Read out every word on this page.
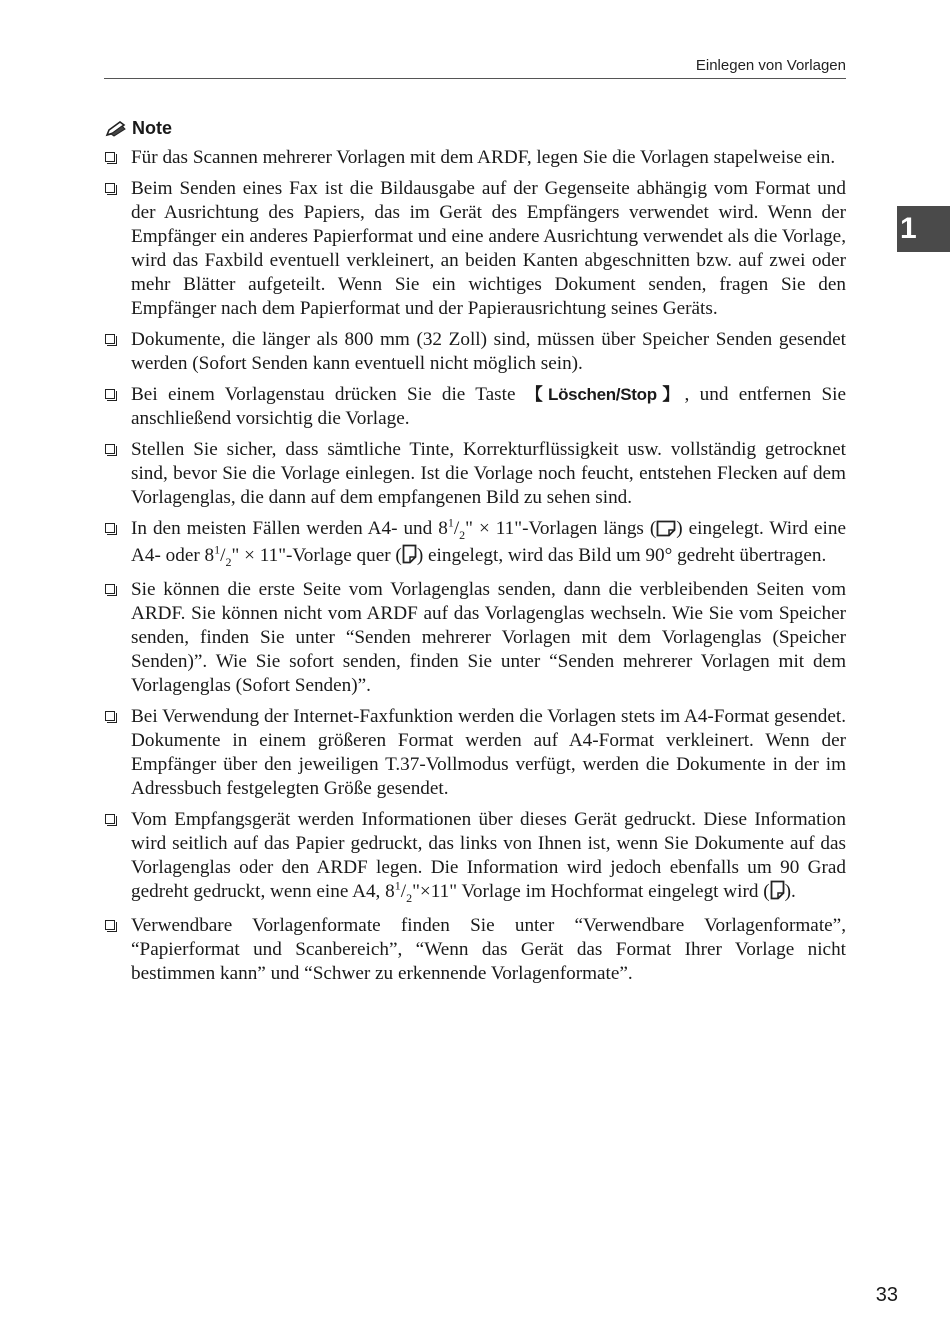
Einlegen von Vorlagen
1
Note
Für das Scannen mehrerer Vorlagen mit dem ARDF, legen Sie die Vorlagen stapelweise ein.
Beim Senden eines Fax ist die Bildausgabe auf der Gegenseite abhängig vom Format und der Ausrichtung des Papiers, das im Gerät des Empfängers verwendet wird. Wenn der Empfänger ein anderes Papierformat und eine andere Ausrichtung verwendet als die Vorlage, wird das Faxbild eventuell verkleinert, an beiden Kanten abgeschnitten bzw. auf zwei oder mehr Blätter aufgeteilt. Wenn Sie ein wichtiges Dokument senden, fragen Sie den Empfänger nach dem Papierformat und der Papierausrichtung seines Geräts.
Dokumente, die länger als 800 mm (32 Zoll) sind, müssen über Speicher Senden gesendet werden (Sofort Senden kann eventuell nicht möglich sein).
Bei einem Vorlagenstau drücken Sie die Taste 【Löschen/Stop】, und entfernen Sie anschließend vorsichtig die Vorlage.
Stellen Sie sicher, dass sämtliche Tinte, Korrekturflüssigkeit usw. vollständig getrocknet sind, bevor Sie die Vorlage einlegen. Ist die Vorlage noch feucht, entstehen Flecken auf dem Vorlagenglas, die dann auf dem empfangenen Bild zu sehen sind.
In den meisten Fällen werden A4- und $8^1/_2$" × 11"-Vorlagen längs ( ) eingelegt. Wird eine A4- oder $8^1/_2$" × 11"-Vorlage quer ( ) eingelegt, wird das Bild um 90° gedreht übertragen.
Sie können die erste Seite vom Vorlagenglas senden, dann die verbleibenden Seiten vom ARDF. Sie können nicht vom ARDF auf das Vorlagenglas wechseln. Wie Sie vom Speicher senden, finden Sie unter “Senden mehrerer Vorlagen mit dem Vorlagenglas (Speicher Senden)”. Wie Sie sofort senden, finden Sie unter “Senden mehrerer Vorlagen mit dem Vorlagenglas (Sofort Senden)”.
Bei Verwendung der Internet-Faxfunktion werden die Vorlagen stets im A4-Format gesendet. Dokumente in einem größeren Format werden auf A4-Format verkleinert. Wenn der Empfänger über den jeweiligen T.37-Vollmodus verfügt, werden die Dokumente in der im Adressbuch festgelegten Größe gesendet.
Vom Empfangsgerät werden Informationen über dieses Gerät gedruckt. Diese Information wird seitlich auf das Papier gedruckt, das links von Ihnen ist, wenn Sie Dokumente auf das Vorlagenglas oder den ARDF legen. Die Information wird jedoch ebenfalls um 90 Grad gedreht gedruckt, wenn eine A4, $8^1/_2"\times 11$" Vorlage im Hochformat eingelegt wird ( ).
Verwendbare Vorlagenformate finden Sie unter “Verwendbare Vorlagenformate”, “Papierformat und Scanbereich”, “Wenn das Gerät das Format Ihrer Vorlage nicht bestimmen kann” und “Schwer zu erkennende Vorlagenformate”.
33
